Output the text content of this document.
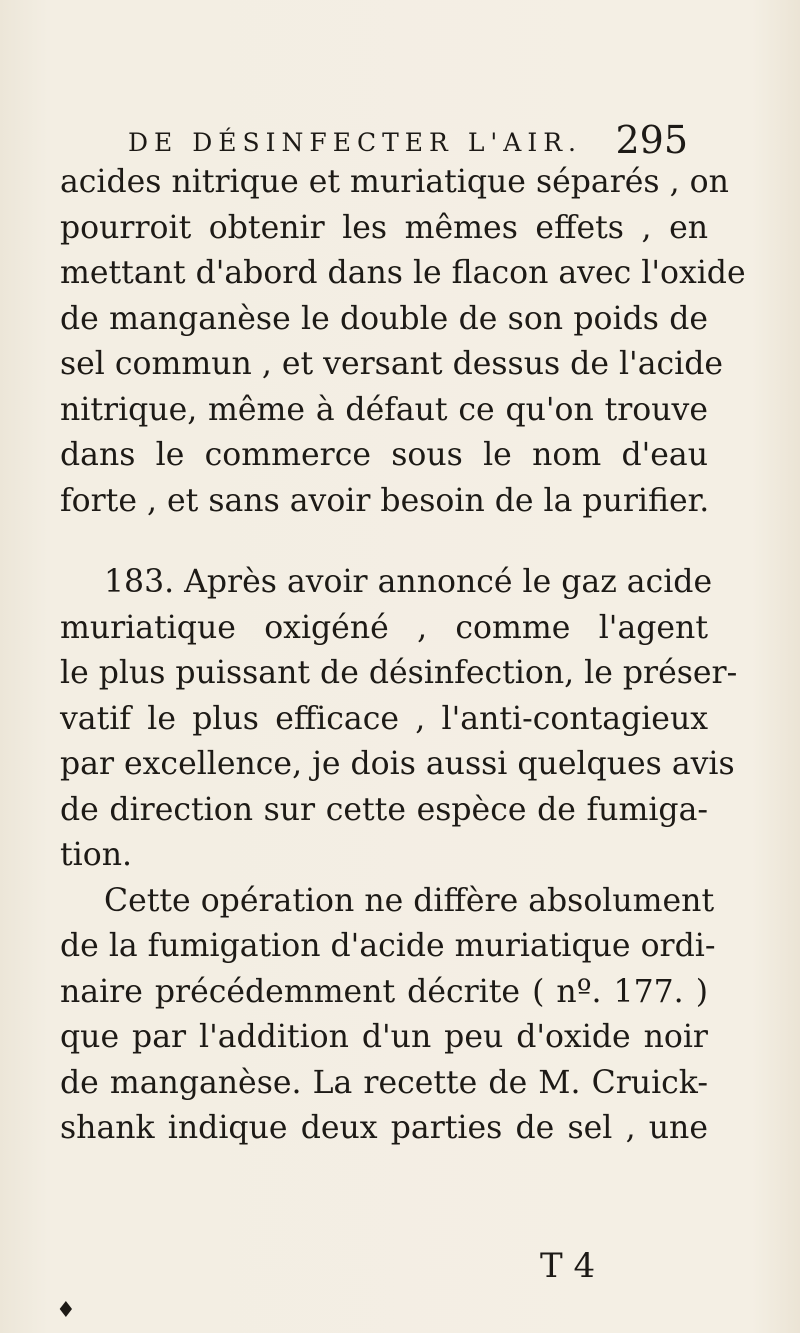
DE DÉSINFECTER L'AIR. 295
acides nitrique et muriatique séparés , on
pourroit obtenir les mêmes effets , en
mettant d'abord dans le flacon avec l'oxide
de manganèse le double de son poids de
sel commun , et versant dessus de l'acide
nitrique, même à défaut ce qu'on trouve
dans le commerce sous le nom d'eau
forte , et sans avoir besoin de la purifier.
183. Après avoir annoncé le gaz acide
muriatique oxigéné , comme l'agent
le plus puissant de désinfection, le préser-
vatif le plus efficace , l'anti-contagieux
par excellence, je dois aussi quelques avis
de direction sur cette espèce de fumiga-
tion.
Cette opération ne diffère absolument
de la fumigation d'acide muriatique ordi-
naire précédemment décrite ( nº. 177. )
que par l'addition d'un peu d'oxide noir
de manganèse. La recette de M. Cruick-
shank indique deux parties de sel , une
T 4
♦
